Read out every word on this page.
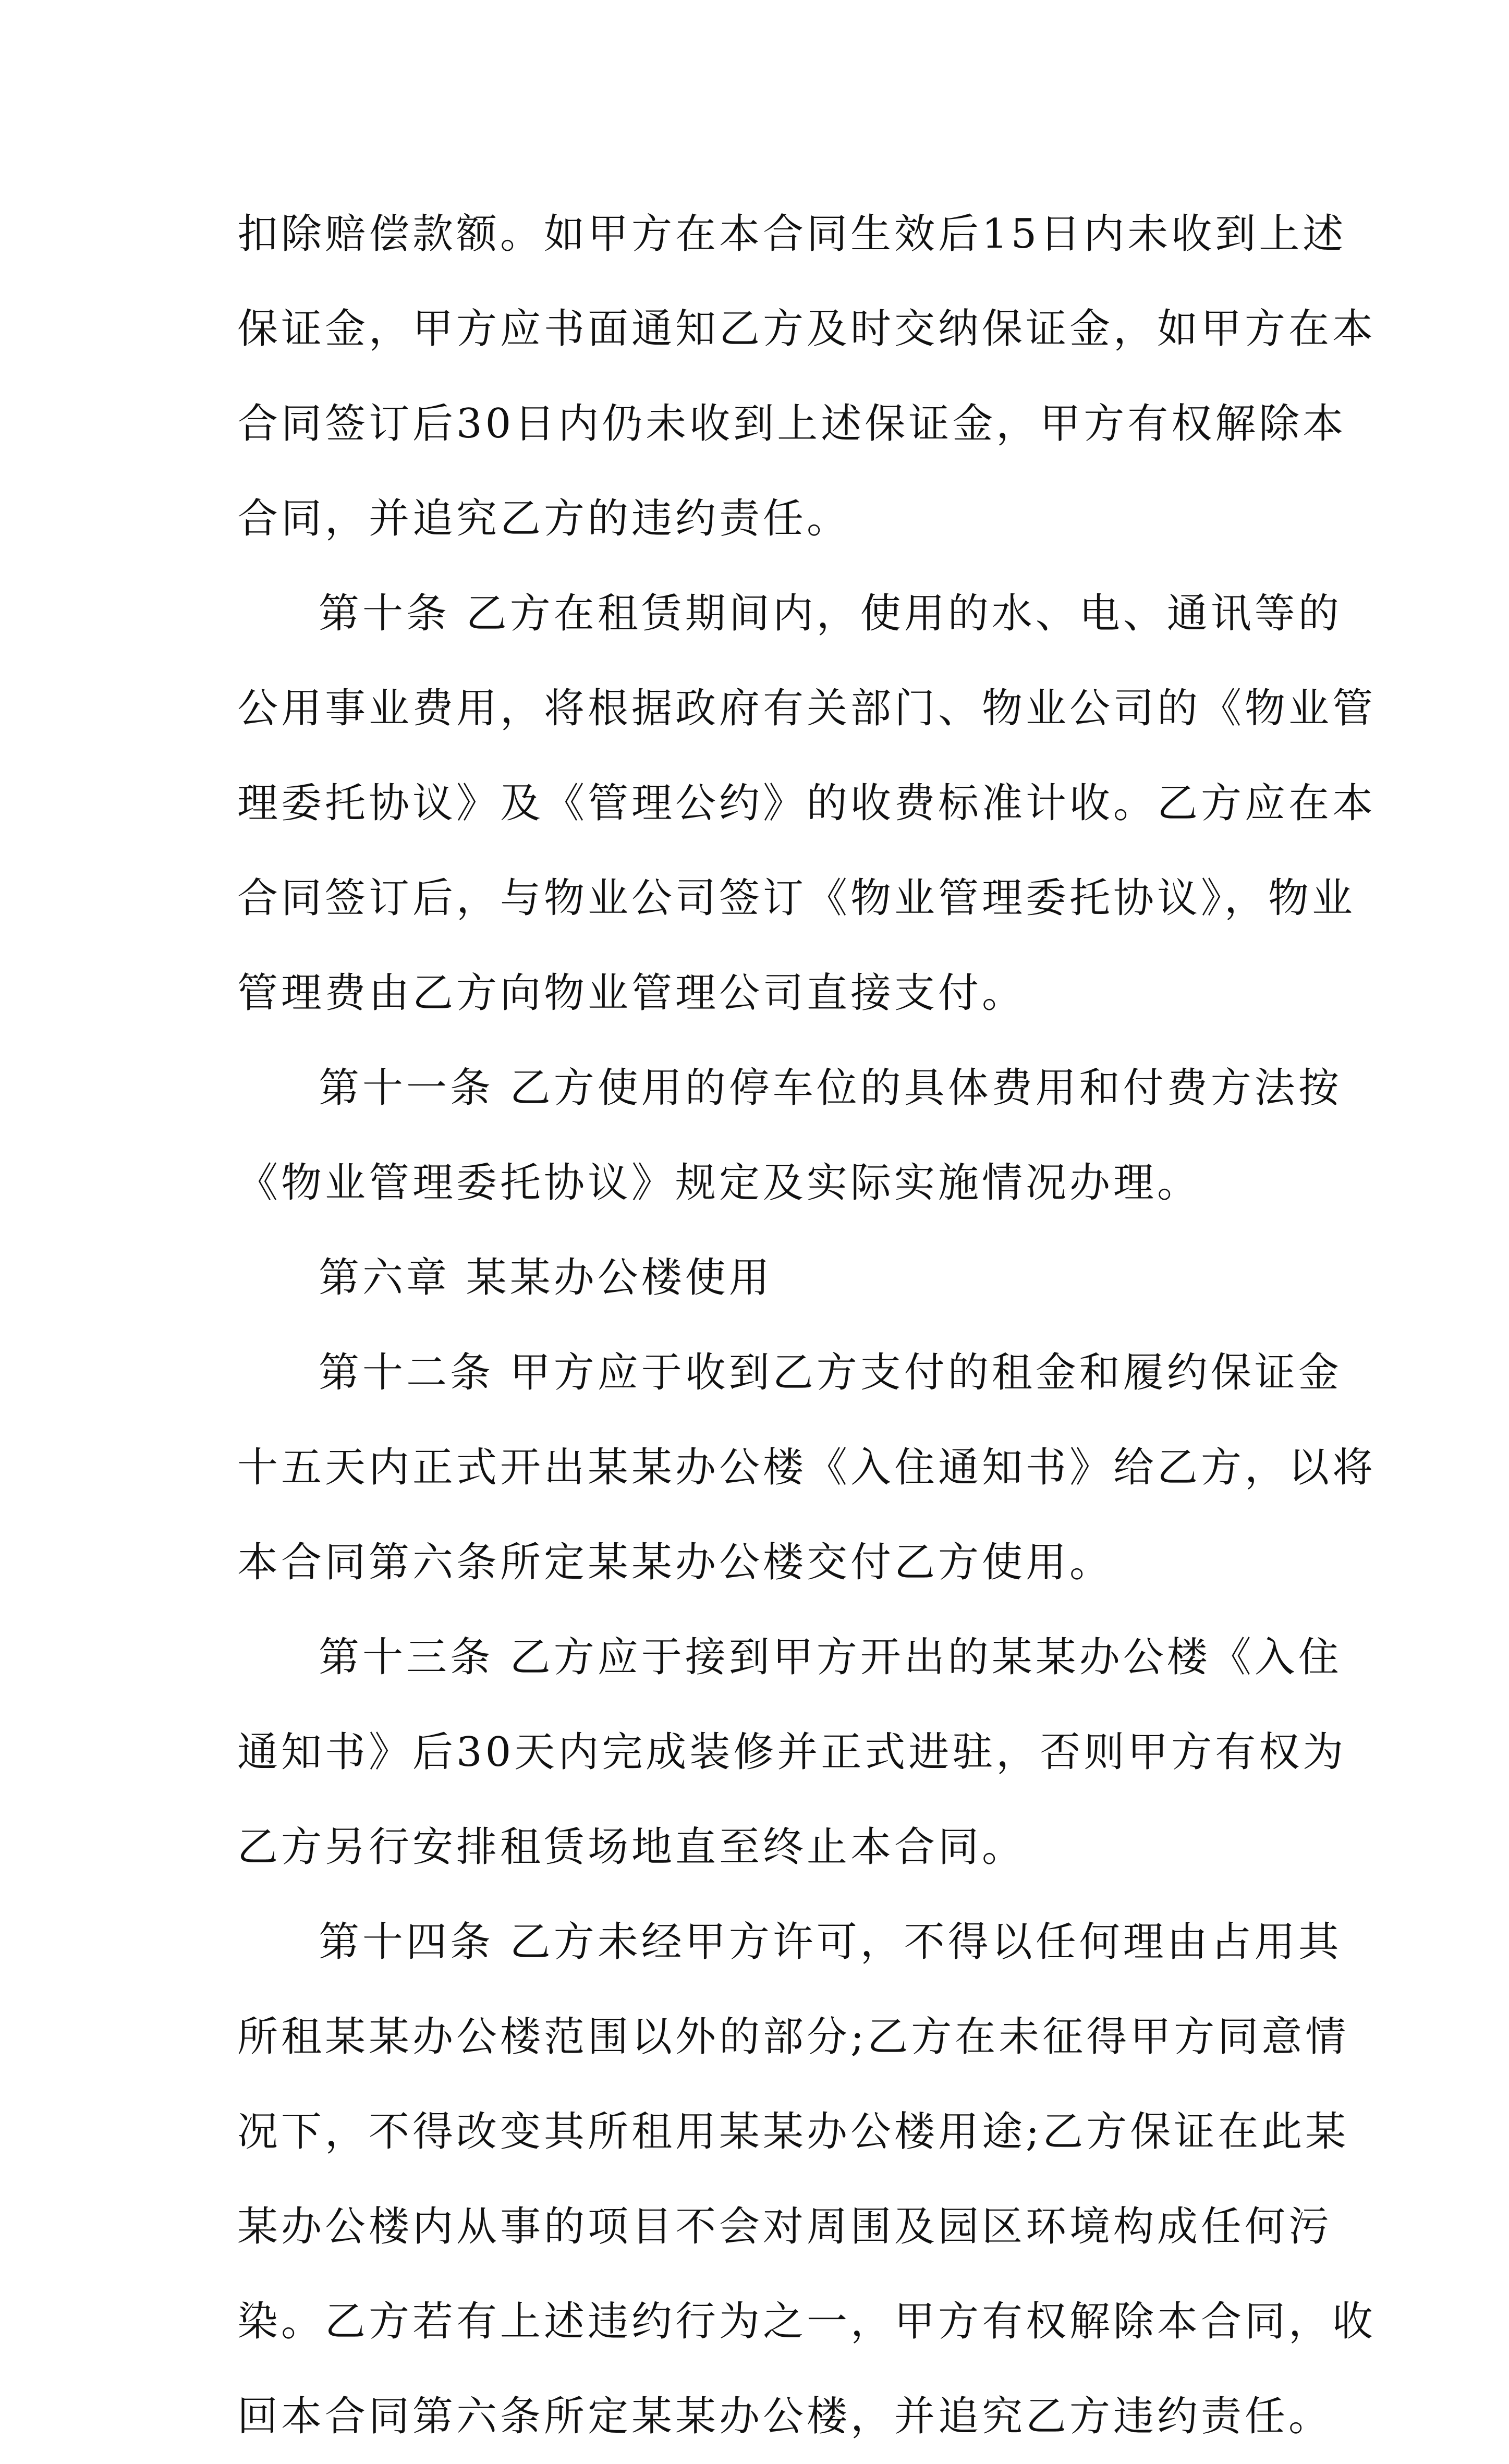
扣除赔偿款额。如甲方在本合同生效后15日内未收到上述
保证金，甲方应书面通知乙方及时交纳保证金，如甲方在本
合同签订后30日内仍未收到上述保证金，甲方有权解除本
合同，并追究乙方的违约责任。
第十条 乙方在租赁期间内，使用的水、电、通讯等的
公用事业费用，将根据政府有关部门、物业公司的《物业管
理委托协议》及《管理公约》的收费标准计收。乙方应在本
合同签订后，与物业公司签订《物业管理委托协议》，物业
管理费由乙方向物业管理公司直接支付。
第十一条 乙方使用的停车位的具体费用和付费方法按
《物业管理委托协议》规定及实际实施情况办理。
第六章 某某办公楼使用
第十二条 甲方应于收到乙方支付的租金和履约保证金
十五天内正式开出某某办公楼《入住通知书》给乙方，以将
本合同第六条所定某某办公楼交付乙方使用。
第十三条 乙方应于接到甲方开出的某某办公楼《入住
通知书》后30天内完成装修并正式进驻，否则甲方有权为
乙方另行安排租赁场地直至终止本合同。
第十四条 乙方未经甲方许可，不得以任何理由占用其
所租某某办公楼范围以外的部分;乙方在未征得甲方同意情
况下，不得改变其所租用某某办公楼用途;乙方保证在此某
某办公楼内从事的项目不会对周围及园区环境构成任何污
染。乙方若有上述违约行为之一，甲方有权解除本合同，收
回本合同第六条所定某某办公楼，并追究乙方违约责任。
